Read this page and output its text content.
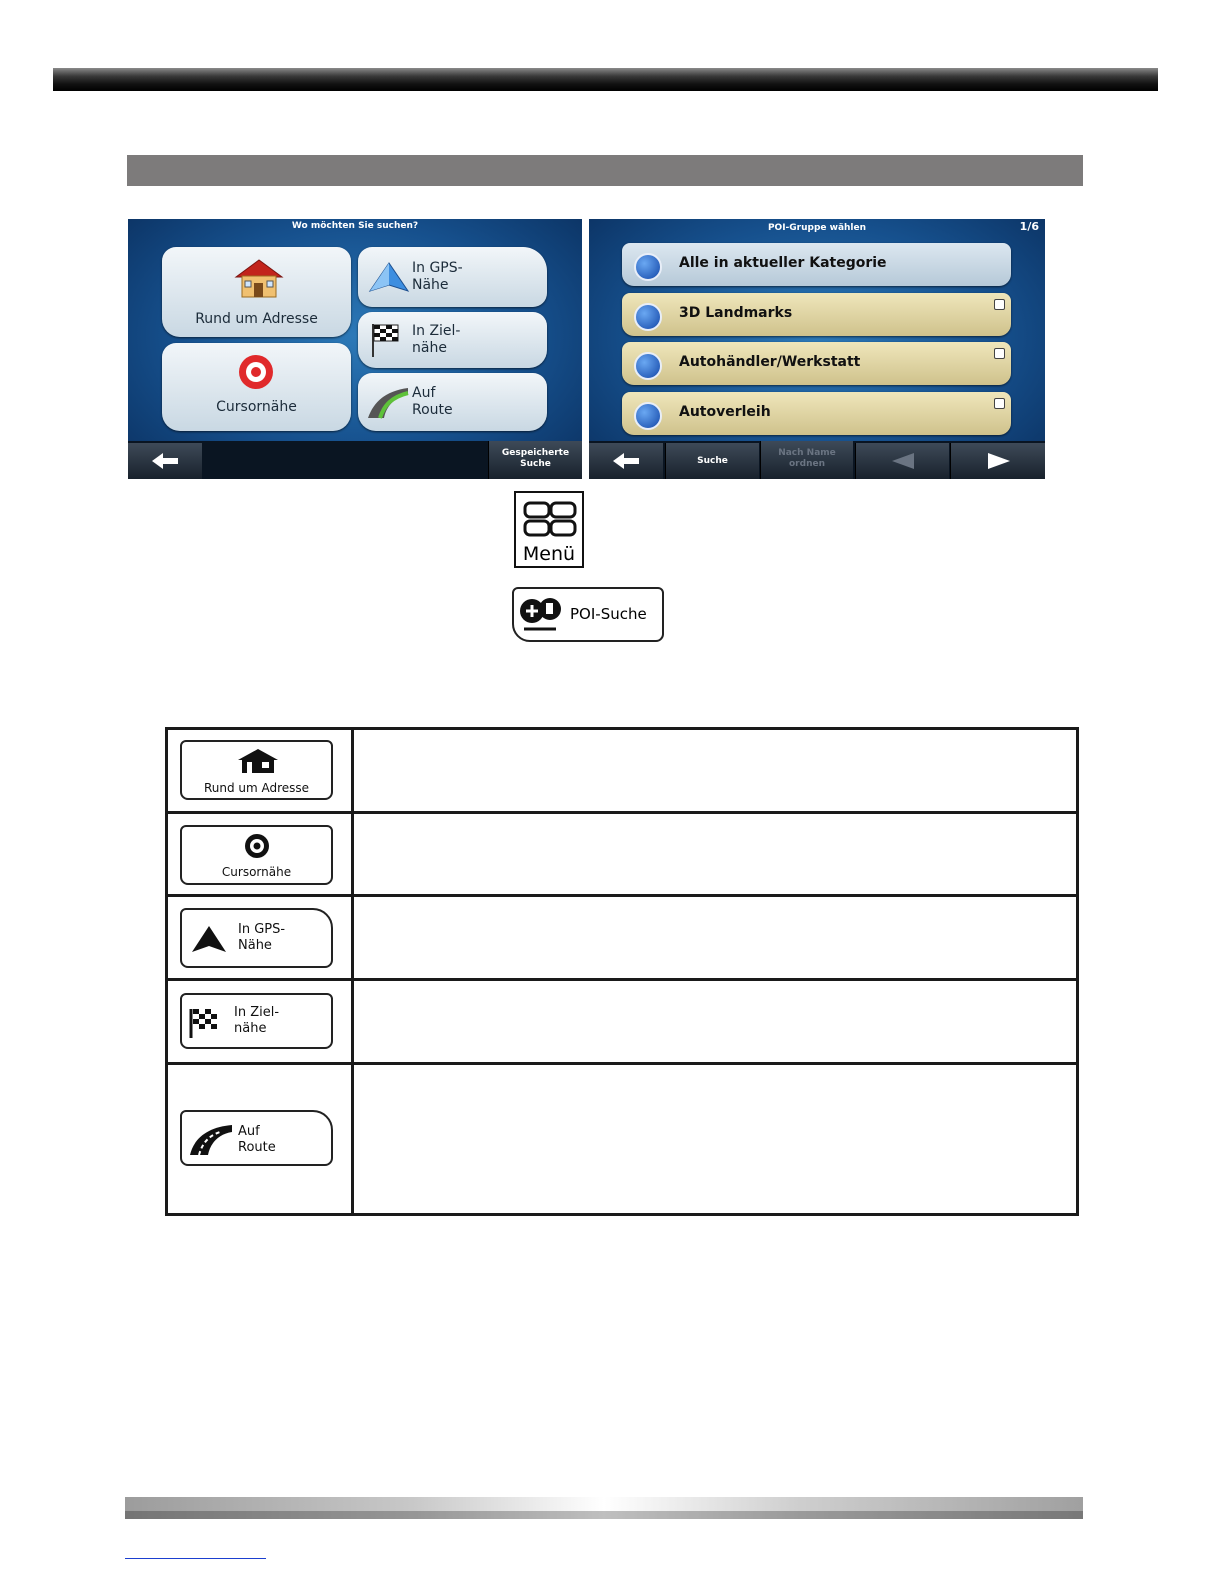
Wo möchten Sie suchen?
Rund um Adresse
Cursornähe
In GPS-
Nähe
In Ziel-
nähe
Auf
Route
Gespeicherte
Suche
POI-Gruppe wählen	1/6
Alle in aktueller Kategorie
3D Landmarks
Autohändler/Werkstatt
Autoverleih
Suche
Nach Name
ordnen
Menü
POI-Suche
Rund um Adresse	

Cursornähe	

In GPS-
Nähe	

In Ziel-
nähe	

Auf
Route	
